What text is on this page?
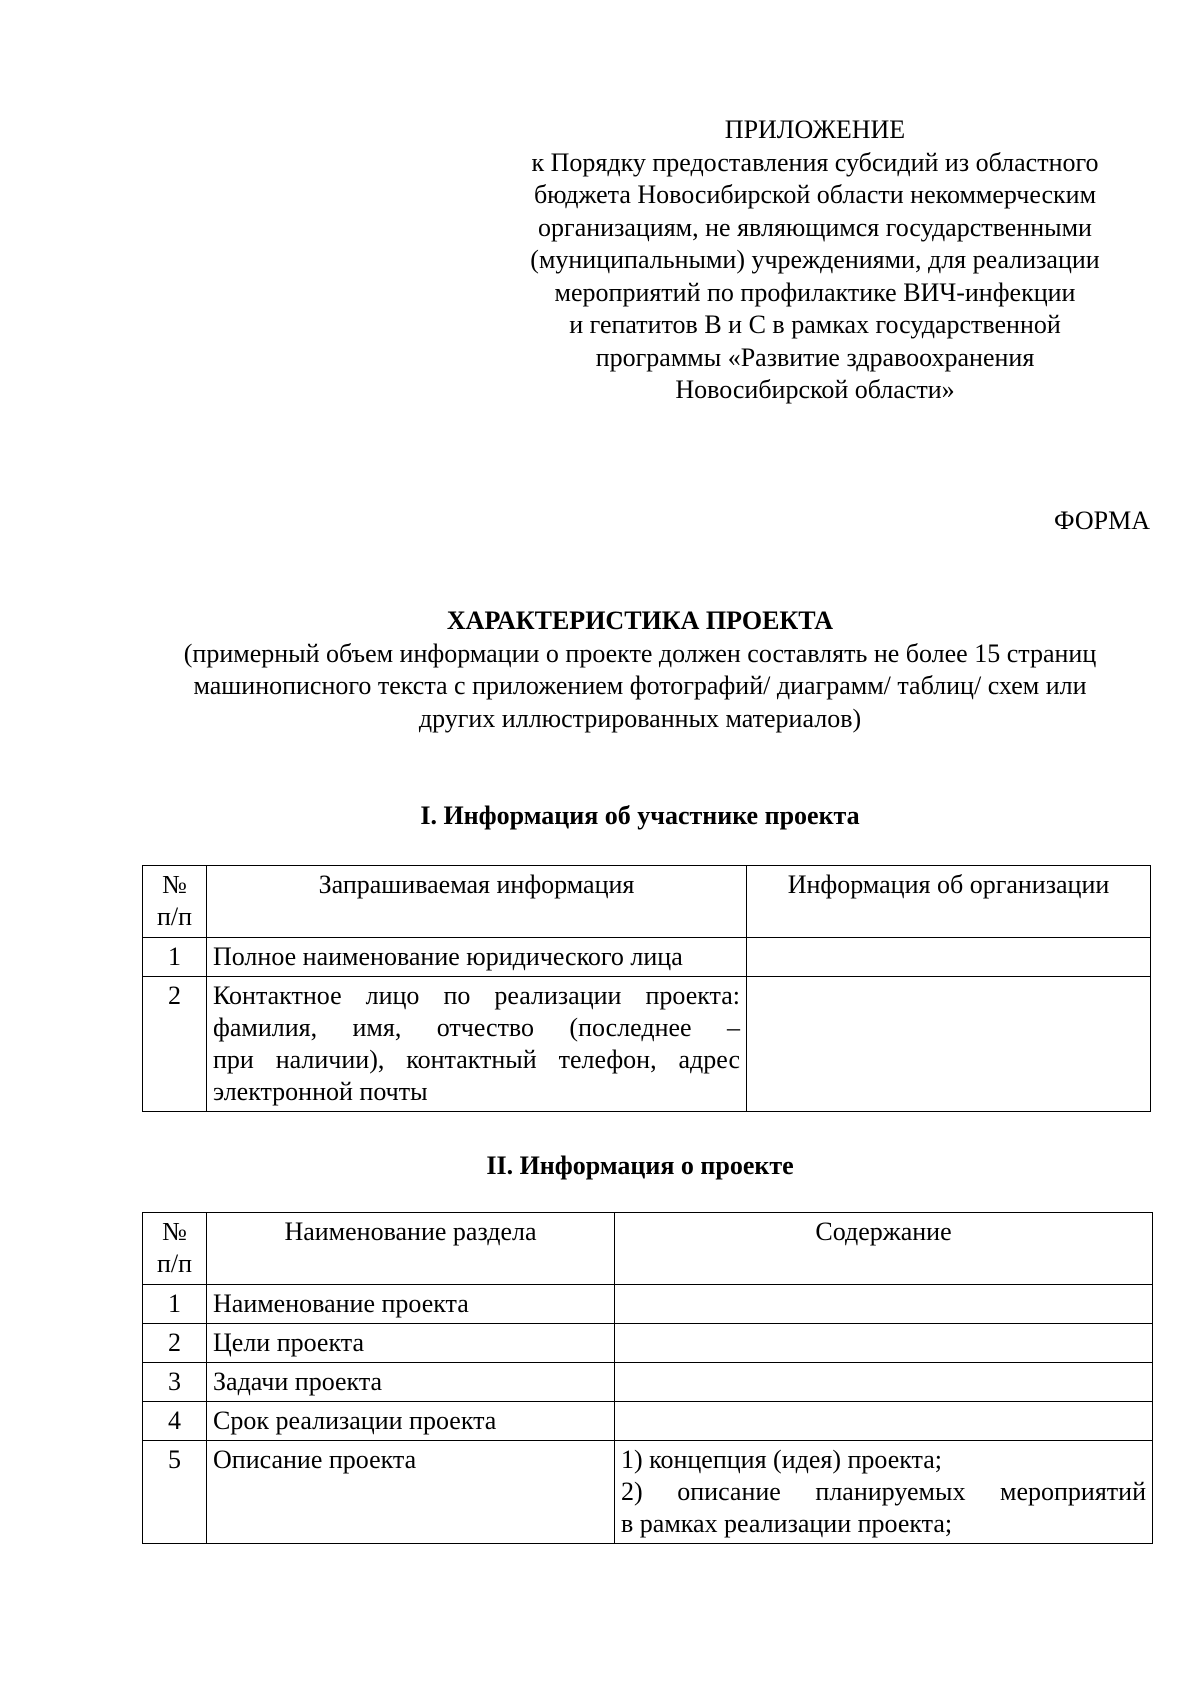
ПРИЛОЖЕНИЕ
к Порядку предоставления субсидий из областного
бюджета Новосибирской области некоммерческим
организациям, не являющимся государственными
(муниципальными) учреждениями, для реализации
мероприятий по профилактике ВИЧ-инфекции
и гепатитов В и С в рамках государственной
программы «Развитие здравоохранения
Новосибирской области»
ФОРМА
ХАРАКТЕРИСТИКА ПРОЕКТА
(примерный объем информации о проекте должен составлять не более 15 страниц
машинописного текста с приложением фотографий/ диаграмм/ таблиц/ схем или
других иллюстрированных материалов)
I. Информация об участнике проекта
№
п/п	Запрашиваемая информация	Информация об организации
1	Полное наименование юридического лица	

2	Контактное лицо по реализации проекта:
фамилия, имя, отчество (последнее –
при наличии), контактный телефон, адрес
электронной почты	

II. Информация о проекте
№
п/п	Наименование раздела	Содержание
1	Наименование проекта	
2	Цели проекта	
3	Задачи проекта	
4	Срок реализации проекта	
5	Описание проекта	1) концепция (идея) проекта;
2) описание планируемых мероприятий
в рамках реализации проекта;
